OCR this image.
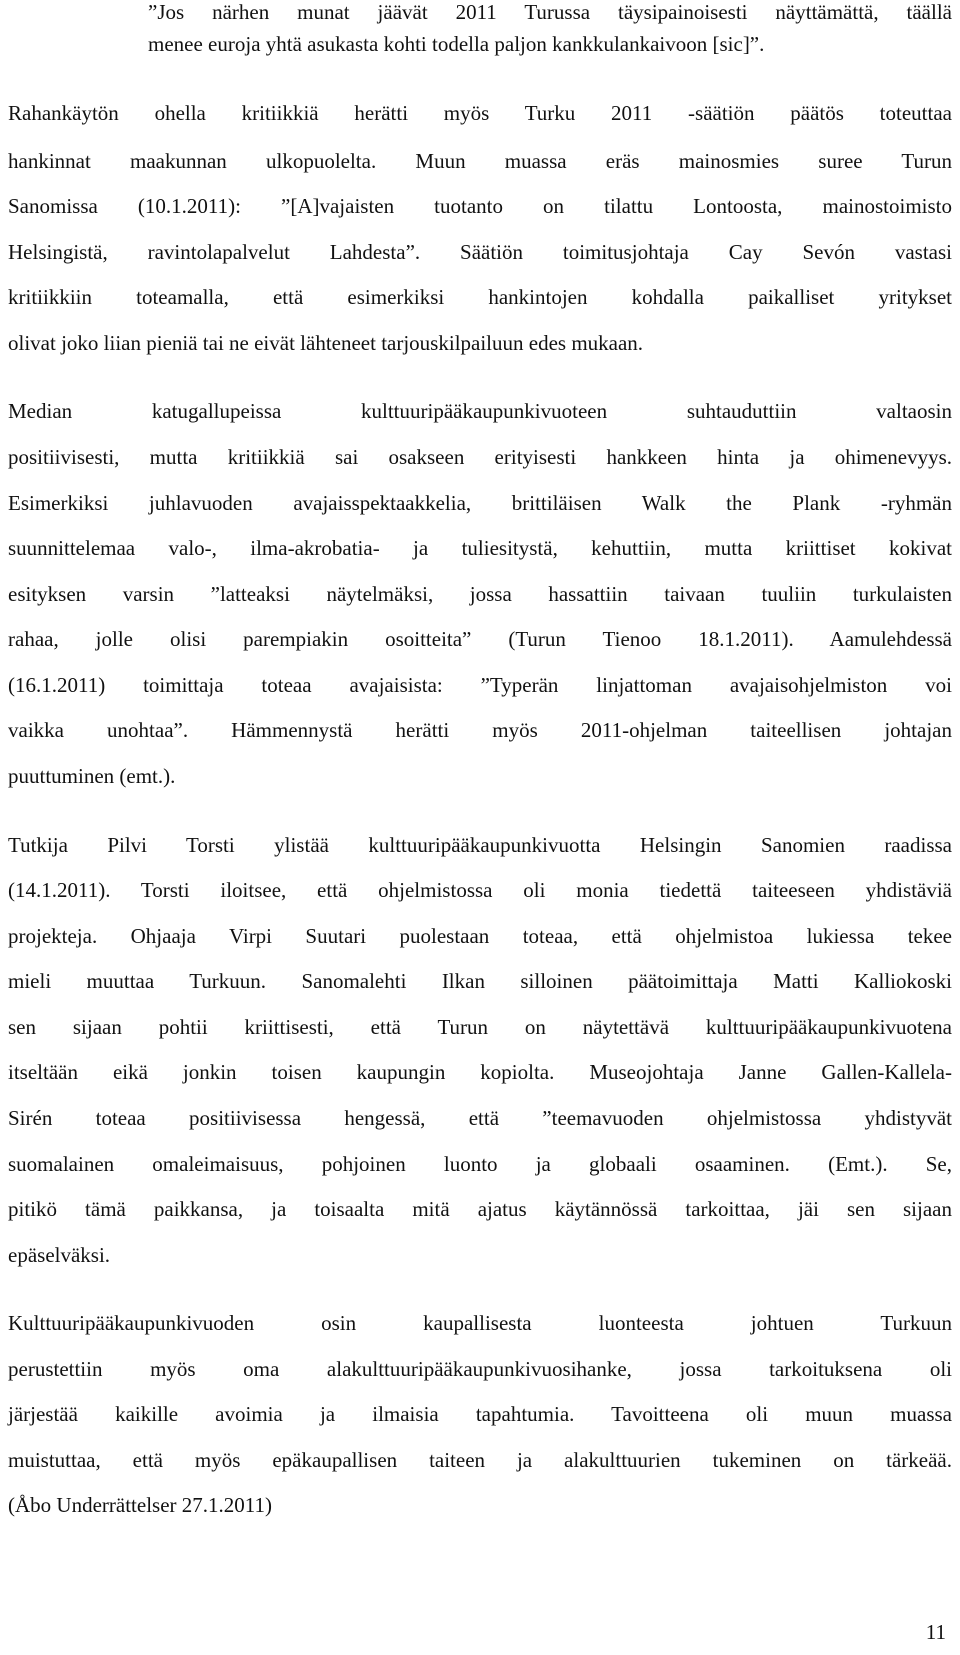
”Jos närhen munat jäävät 2011 Turussa täysipainoisesti näyttämättä, täällä
menee euroja yhtä asukasta kohti todella paljon kankkulankaivoon [sic]”.
Rahankäytön ohella kritiikkiä herätti myös Turku 2011 -säätiön päätös toteuttaa
hankinnat maakunnan ulkopuolelta. Muun muassa eräs mainosmies suree Turun
Sanomissa (10.1.2011): ”[A]vajaisten tuotanto on tilattu Lontoosta, mainostoimisto
Helsingistä, ravintolapalvelut Lahdesta”. Säätiön toimitusjohtaja Cay Sevón vastasi
kritiikkiin toteamalla, että esimerkiksi hankintojen kohdalla paikalliset yritykset
olivat joko liian pieniä tai ne eivät lähteneet tarjouskilpailuun edes mukaan.
Median katugallupeissa kulttuuripääkaupunkivuoteen suhtauduttiin valtaosin
positiivisesti, mutta kritiikkiä sai osakseen erityisesti hankkeen hinta ja ohimenevyys.
Esimerkiksi juhlavuoden avajaisspektaakkelia, brittiläisen Walk the Plank -ryhmän
suunnittelemaa valo-, ilma-akrobatia- ja tuliesitystä, kehuttiin, mutta kriittiset kokivat
esityksen varsin ”latteaksi näytelmäksi, jossa hassattiin taivaan tuuliin turkulaisten
rahaa, jolle olisi parempiakin osoitteita” (Turun Tienoo 18.1.2011). Aamulehdessä
(16.1.2011) toimittaja toteaa avajaisista: ”Typerän linjattoman avajaisohjelmiston voi
vaikka unohtaa”. Hämmennystä herätti myös 2011-ohjelman taiteellisen johtajan
puuttuminen (emt.).
Tutkija Pilvi Torsti ylistää kulttuuripääkaupunkivuotta Helsingin Sanomien raadissa
(14.1.2011). Torsti iloitsee, että ohjelmistossa oli monia tiedettä taiteeseen yhdistäviä
projekteja. Ohjaaja Virpi Suutari puolestaan toteaa, että ohjelmistoa lukiessa tekee
mieli muuttaa Turkuun. Sanomalehti Ilkan silloinen päätoimittaja Matti Kalliokoski
sen sijaan pohtii kriittisesti, että Turun on näytettävä kulttuuripääkaupunkivuotena
itseltään eikä jonkin toisen kaupungin kopiolta. Museojohtaja Janne Gallen-Kallela-
Sirén toteaa positiivisessa hengessä, että ”teemavuoden ohjelmistossa yhdistyvät
suomalainen omaleimaisuus, pohjoinen luonto ja globaali osaaminen. (Emt.). Se,
pitikö tämä paikkansa, ja toisaalta mitä ajatus käytännössä tarkoittaa, jäi sen sijaan
epäselväksi.
Kulttuuripääkaupunkivuoden osin kaupallisesta luonteesta johtuen Turkuun
perustettiin myös oma alakulttuuripääkaupunkivuosihanke, jossa tarkoituksena oli
järjestää kaikille avoimia ja ilmaisia tapahtumia. Tavoitteena oli muun muassa
muistuttaa, että myös epäkaupallisen taiteen ja alakulttuurien tukeminen on tärkeää.
(Åbo Underrättelser 27.1.2011)
11
